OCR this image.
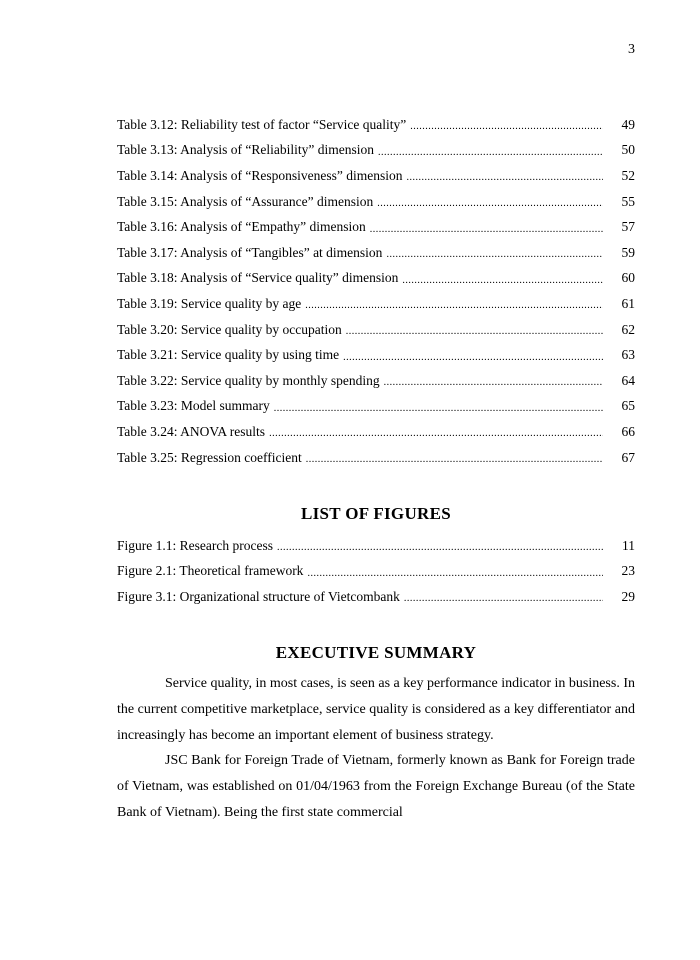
3
Table 3.12: Reliability test of factor “Service quality” .....	49
Table 3.13: Analysis of “Reliability” dimension .....	50
Table 3.14: Analysis of “Responsiveness” dimension .....	52
Table 3.15: Analysis of “Assurance” dimension .....	55
Table 3.16: Analysis of “Empathy” dimension .....	57
Table 3.17: Analysis of “Tangibles” at dimension .....	59
Table 3.18: Analysis of “Service quality” dimension .....	60
Table 3.19: Service quality by age .....	61
Table 3.20: Service quality by occupation .....	62
Table 3.21: Service quality by using time .....	63
Table 3.22: Service quality by monthly spending .....	64
Table 3.23: Model summary .....	65
Table 3.24: ANOVA results .....	66
Table 3.25: Regression coefficient .....	67
LIST OF FIGURES
Figure 1.1: Research process .....	11
Figure 2.1: Theoretical framework .....	23
Figure 3.1: Organizational structure of Vietcombank .....	29
EXECUTIVE SUMMARY

Service quality, in most cases, is seen as a key performance indicator in business. In the current competitive marketplace, service quality is considered as a key differentiator and increasingly has become an important element of business strategy.

JSC Bank for Foreign Trade of Vietnam, formerly known as Bank for Foreign trade of Vietnam, was established on 01/04/1963 from the Foreign Exchange Bureau (of the State Bank of Vietnam). Being the first state commercial
